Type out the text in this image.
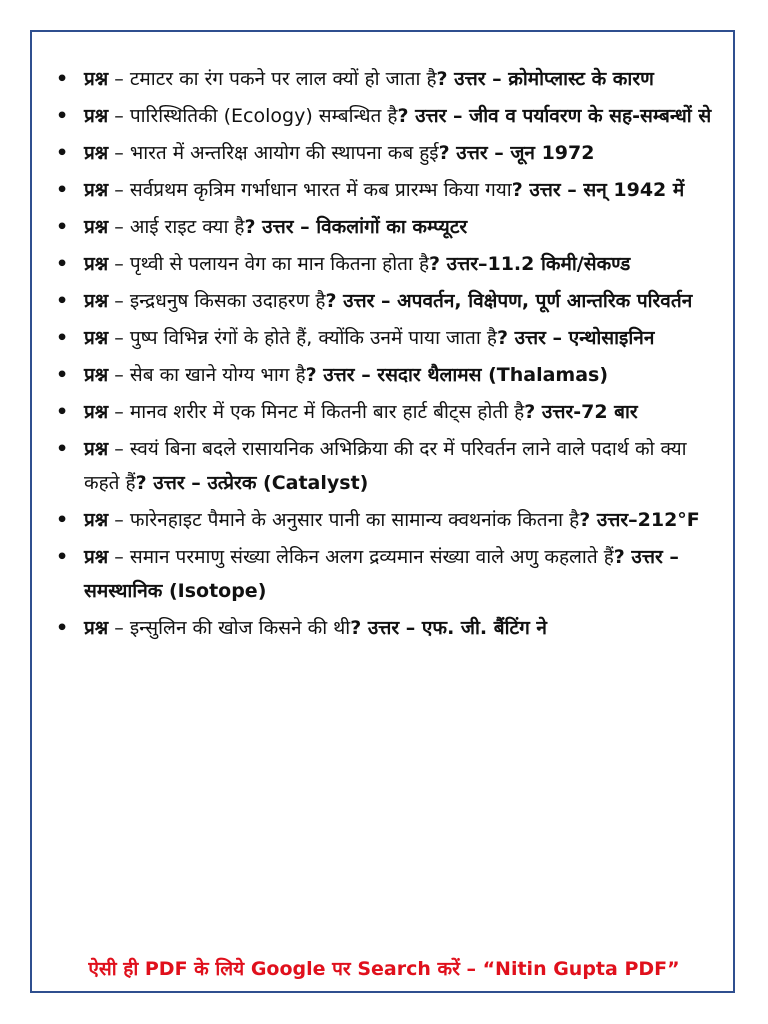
• प्रश्न – टमाटर का रंग पकने पर लाल क्यों हो जाता है? उत्तर – क्रोमोप्लास्ट के कारण
• प्रश्न – पारिस्थितिकी (Ecology) सम्बन्धित है? उत्तर – जीव व पर्यावरण के सह-सम्बन्धों से
• प्रश्न – भारत में अन्तरिक्ष आयोग की स्थापना कब हुई? उत्तर – जून 1972
• प्रश्न – सर्वप्रथम कृत्रिम गर्भाधान भारत में कब प्रारम्भ किया गया? उत्तर – सन् 1942 में
• प्रश्न – आई राइट क्या है? उत्तर – विकलांगों का कम्प्यूटर
• प्रश्न – पृथ्वी से पलायन वेग का मान कितना होता है? उत्तर–11.2 किमी/सेकण्ड
• प्रश्न – इन्द्रधनुष किसका उदाहरण है? उत्तर – अपवर्तन, विक्षेपण, पूर्ण आन्तरिक परिवर्तन
• प्रश्न – पुष्प विभिन्न रंगों के होते हैं, क्योंकि उनमें पाया जाता है? उत्तर – एन्थोसाइनिन
• प्रश्न – सेब का खाने योग्य भाग है? उत्तर – रसदार थैलामस (Thalamas)
• प्रश्न – मानव शरीर में एक मिनट में कितनी बार हार्ट बीट्स होती है? उत्तर-72 बार
• प्रश्न – स्वयं बिना बदले रासायनिक अभिक्रिया की दर में परिवर्तन लाने वाले पदार्थ को क्या कहते हैं? उत्तर – उत्प्रेरक (Catalyst)
• प्रश्न – फारेनहाइट पैमाने के अनुसार पानी का सामान्य क्वथनांक कितना है? उत्तर–212°F
• प्रश्न – समान परमाणु संख्या लेकिन अलग द्रव्यमान संख्या वाले अणु कहलाते हैं? उत्तर – समस्थानिक (Isotope)
• प्रश्न – इन्सुलिन की खोज किसने की थी? उत्तर – एफ. जी. बैंटिंग ने
ऐसी ही PDF के लिये Google पर Search करें – “Nitin Gupta PDF”
